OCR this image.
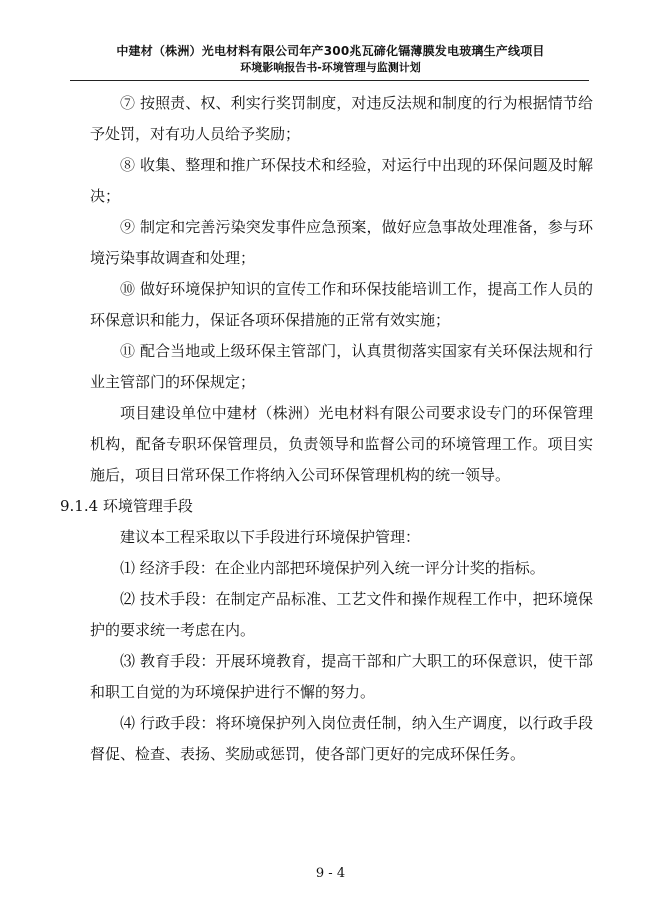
中建材（株洲）光电材料有限公司年产300兆瓦碲化镉薄膜发电玻璃生产线项目
环境影响报告书-环境管理与监测计划

⑦ 按照责、权、利实行奖罚制度，对违反法规和制度的行为根据情节给予处罚，对有功人员给予奖励；

⑧ 收集、整理和推广环保技术和经验，对运行中出现的环保问题及时解决；

⑨ 制定和完善污染突发事件应急预案，做好应急事故处理准备，参与环境污染事故调查和处理；

⑩ 做好环境保护知识的宣传工作和环保技能培训工作，提高工作人员的环保意识和能力，保证各项环保措施的正常有效实施；

⑪ 配合当地或上级环保主管部门，认真贯彻落实国家有关环保法规和行业主管部门的环保规定；

项目建设单位中建材（株洲）光电材料有限公司要求设专门的环保管理机构，配备专职环保管理员，负责领导和监督公司的环境管理工作。项目实施后，项目日常环保工作将纳入公司环保管理机构的统一领导。

9.1.4 环境管理手段

建议本工程采取以下手段进行环境保护管理：

⑴ 经济手段：在企业内部把环境保护列入统一评分计奖的指标。

⑵ 技术手段：在制定产品标准、工艺文件和操作规程工作中，把环境保护的要求统一考虑在内。

⑶ 教育手段：开展环境教育，提高干部和广大职工的环保意识，使干部和职工自觉的为环境保护进行不懈的努力。

⑷ 行政手段：将环境保护列入岗位责任制，纳入生产调度，以行政手段督促、检查、表扬、奖励或惩罚，使各部门更好的完成环保任务。

9 - 4
